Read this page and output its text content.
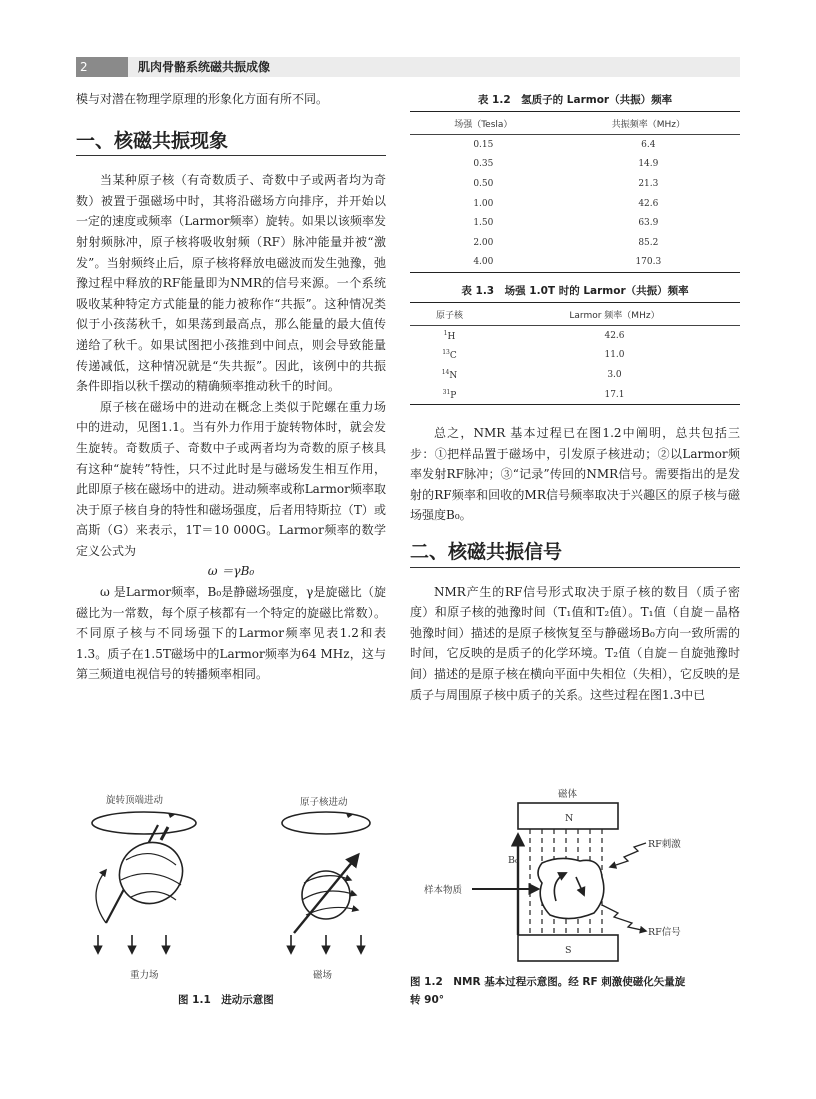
2	肌肉骨骼系统磁共振成像

模与对潜在物理学原理的形象化方面有所不同。

一、核磁共振现象

当某种原子核（有奇数质子、奇数中子或两者均为奇数）被置于强磁场中时，其将沿磁场方向排序，并开始以一定的速度或频率（Larmor频率）旋转。如果以该频率发射射频脉冲，原子核将吸收射频（RF）脉冲能量并被“激发”。当射频终止后，原子核将释放电磁波而发生弛豫，弛豫过程中释放的RF能量即为NMR的信号来源。一个系统吸收某种特定方式能量的能力被称作“共振”。这种情况类似于小孩荡秋千，如果荡到最高点，那么能量的最大值传递给了秋千。如果试图把小孩推到中间点，则会导致能量传递减低，这种情况就是“失共振”。因此，该例中的共振条件即指以秋千摆动的精确频率推动秋千的时间。

原子核在磁场中的进动在概念上类似于陀螺在重力场中的进动，见图1.1。当有外力作用于旋转物体时，就会发生旋转。奇数质子、奇数中子或两者均为奇数的原子核具有这种“旋转”特性，只不过此时是与磁场发生相互作用，此即原子核在磁场中的进动。进动频率或称Larmor频率取决于原子核自身的特性和磁场强度，后者用特斯拉（T）或高斯（G）来表示，1T＝10 000G。Larmor频率的数学定义公式为

ω ＝γB₀

ω 是Larmor频率，B₀是静磁场强度，γ是旋磁比（旋磁比为一常数，每个原子核都有一个特定的旋磁比常数）。不同原子核与不同场强下的Larmor频率见表1.2和表1.3。质子在1.5T磁场中的Larmor频率为64 MHz，这与第三频道电视信号的转播频率相同。

表 1.2　氢质子的 Larmor（共振）频率
场强（Tesla）	共振频率（MHz）
0.15	6.4
0.35	14.9
0.50	21.3
1.00	42.6
1.50	63.9
2.00	85.2
4.00	170.3
表 1.3　场强 1.0T 时的 Larmor（共振）频率
原子核	Larmor 频率（MHz）
$^1$H	42.6
$^{13}$C	11.0
$^{14}$N	3.0
$^{31}$P	17.1

总之，NMR 基本过程已在图1.2中阐明，总共包括三步：①把样品置于磁场中，引发原子核进动；②以Larmor频率发射RF脉冲；③“记录”传回的NMR信号。需要指出的是发射的RF频率和回收的MR信号频率取决于兴趣区的原子核与磁场强度B₀。

二、核磁共振信号

NMR产生的RF信号形式取决于原子核的数目（质子密度）和原子核的弛豫时间（T₁值和T₂值）。T₁值（自旋－晶格弛豫时间）描述的是原子核恢复至与静磁场B₀方向一致所需的时间，它反映的是质子的化学环境。T₂值（自旋－自旋弛豫时间）描述的是原子核在横向平面中失相位（失相），它反映的是质子与周围原子核中质子的关系。这些过程在图1.3中已

旋转顶端进动	原子核进动
重力场	磁场
图 1.1　进动示意图
磁体
N
S
B₀
样本物质
RF刺激
RF信号
图 1.2　NMR 基本过程示意图。经 RF 刺激使磁化矢量旋
转 90°
